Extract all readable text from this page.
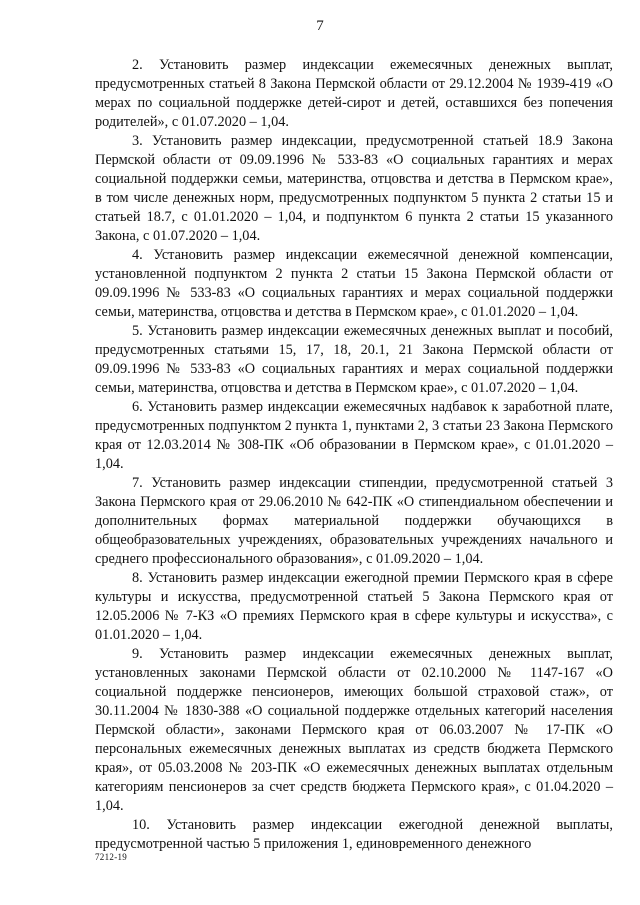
7

2. Установить размер индексации ежемесячных денежных выплат, предусмотренных статьей 8 Закона Пермской области от 29.12.2004 № 1939-419 «О мерах по социальной поддержке детей-сирот и детей, оставшихся без попечения родителей», с 01.07.2020 – 1,04.

3. Установить размер индексации, предусмотренной статьей 18.9 Закона Пермской области от 09.09.1996 № 533-83 «О социальных гарантиях и мерах социальной поддержки семьи, материнства, отцовства и детства в Пермском крае», в том числе денежных норм, предусмотренных подпунктом 5 пункта 2 статьи 15 и статьей 18.7, с 01.01.2020 – 1,04, и подпунктом 6 пункта 2 статьи 15 указанного Закона, с 01.07.2020 – 1,04.

4. Установить размер индексации ежемесячной денежной компенсации, установленной подпунктом 2 пункта 2 статьи 15 Закона Пермской области от 09.09.1996 № 533-83 «О социальных гарантиях и мерах социальной поддержки семьи, материнства, отцовства и детства в Пермском крае», с 01.01.2020 – 1,04.

5. Установить размер индексации ежемесячных денежных выплат и пособий, предусмотренных статьями 15, 17, 18, 20.1, 21 Закона Пермской области от 09.09.1996 № 533-83 «О социальных гарантиях и мерах социальной поддержки семьи, материнства, отцовства и детства в Пермском крае», с 01.07.2020 – 1,04.

6. Установить размер индексации ежемесячных надбавок к заработной плате, предусмотренных подпунктом 2 пункта 1, пунктами 2, 3 статьи 23 Закона Пермского края от 12.03.2014 № 308-ПК «Об образовании в Пермском крае», с 01.01.2020 – 1,04.

7. Установить размер индексации стипендии, предусмотренной статьей 3 Закона Пермского края от 29.06.2010 № 642-ПК «О стипендиальном обеспечении и дополнительных формах материальной поддержки обучающихся в общеобразовательных учреждениях, образовательных учреждениях начального и среднего профессионального образования», с 01.09.2020 – 1,04.

8. Установить размер индексации ежегодной премии Пермского края в сфере культуры и искусства, предусмотренной статьей 5 Закона Пермского края от 12.05.2006 № 7-КЗ «О премиях Пермского края в сфере культуры и искусства», с 01.01.2020 – 1,04.

9. Установить размер индексации ежемесячных денежных выплат, установленных законами Пермской области от 02.10.2000 № 1147-167 «О социальной поддержке пенсионеров, имеющих большой страховой стаж», от 30.11.2004 № 1830-388 «О социальной поддержке отдельных категорий населения Пермской области», законами Пермского края от 06.03.2007 № 17-ПК «О персональных ежемесячных денежных выплатах из средств бюджета Пермского края», от 05.03.2008 № 203-ПК «О ежемесячных денежных выплатах отдельным категориям пенсионеров за счет средств бюджета Пермского края», с 01.04.2020 – 1,04.

10. Установить размер индексации ежегодной денежной выплаты, предусмотренной частью 5 приложения 1, единовременного денежного

7212-19
